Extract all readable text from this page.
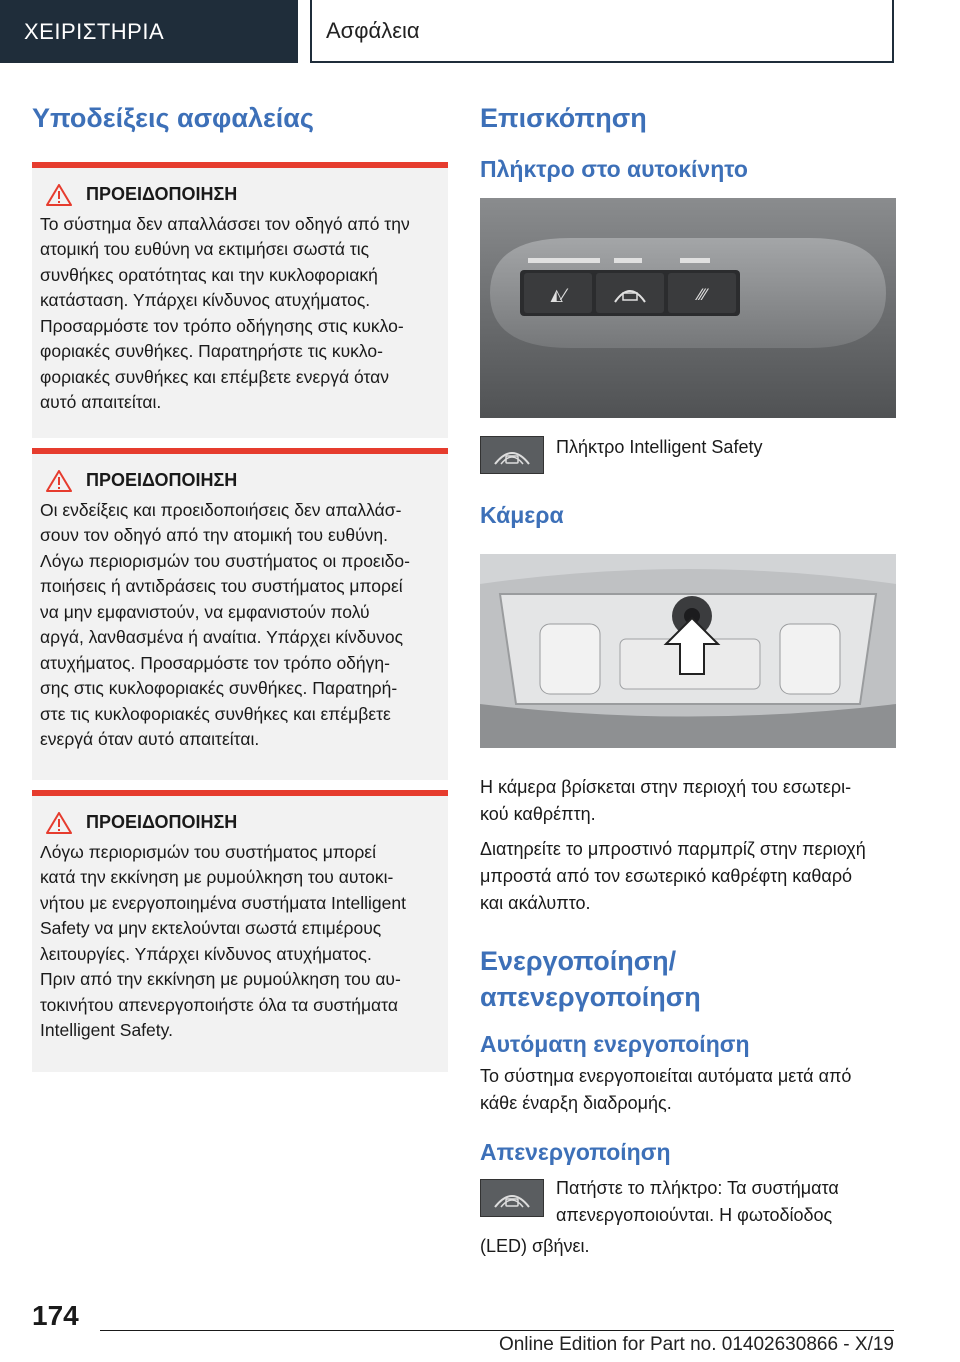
ΧΕΙΡΙΣΤΗΡΙΑ	Ασφάλεια
Υποδείξεις ασφαλείας
ΠΡΟΕΙΔΟΠΟΙΗΣΗ

Το σύστημα δεν απαλλάσσει τον οδηγό από την
ατομική του ευθύνη να εκτιμήσει σωστά τις
συνθήκες ορατότητας και την κυκλοφοριακή
κατάσταση. Υπάρχει κίνδυνος ατυχήματος.
Προσαρμόστε τον τρόπο οδήγησης στις κυκλο-
φοριακές συνθήκες. Παρατηρήστε τις κυκλο-
φοριακές συνθήκες και επέμβετε ενεργά όταν
αυτό απαιτείται.

ΠΡΟΕΙΔΟΠΟΙΗΣΗ

Οι ενδείξεις και προειδοποιήσεις δεν απαλλάσ-
σουν τον οδηγό από την ατομική του ευθύνη.
Λόγω περιορισμών του συστήματος οι προειδο-
ποιήσεις ή αντιδράσεις του συστήματος μπορεί
να μην εμφανιστούν, να εμφανιστούν πολύ
αργά, λανθασμένα ή αναίτια. Υπάρχει κίνδυνος
ατυχήματος. Προσαρμόστε τον τρόπο οδήγη-
σης στις κυκλοφοριακές συνθήκες. Παρατηρή-
στε τις κυκλοφοριακές συνθήκες και επέμβετε
ενεργά όταν αυτό απαιτείται.

ΠΡΟΕΙΔΟΠΟΙΗΣΗ

Λόγω περιορισμών του συστήματος μπορεί
κατά την εκκίνηση με ρυμούλκηση του αυτοκι-
νήτου με ενεργοποιημένα συστήματα Intelligent
Safety να μην εκτελούνται σωστά επιμέρους
λειτουργίες. Υπάρχει κίνδυνος ατυχήματος.
Πριν από την εκκίνηση με ρυμούλκηση του αυ-
τοκινήτου απενεργοποιήστε όλα τα συστήματα
Intelligent Safety.

Επισκόπηση
Πλήκτρο στο αυτοκίνητο
◭⁄	⁄⁄⁄
Πλήκτρο Intelligent Safety
Κάμερα

Η κάμερα βρίσκεται στην περιοχή του εσωτερι-
κού καθρέπτη.

Διατηρείτε το μπροστινό παρμπρίζ στην περιοχή
μπροστά από τον εσωτερικό καθρέφτη καθαρό
και ακάλυπτο.

Ενεργοποίηση/απενεργοποίηση
Αυτόματη ενεργοποίηση

Το σύστημα ενεργοποιείται αυτόματα μετά από
κάθε έναρξη διαδρομής.

Απενεργοποίηση

Πατήστε το πλήκτρο: Τα συστήματα
απενεργοποιούνται. Η φωτοδίοδος

(LED) σβήνει.

174
Online Edition for Part no. 01402630866 - X/19
